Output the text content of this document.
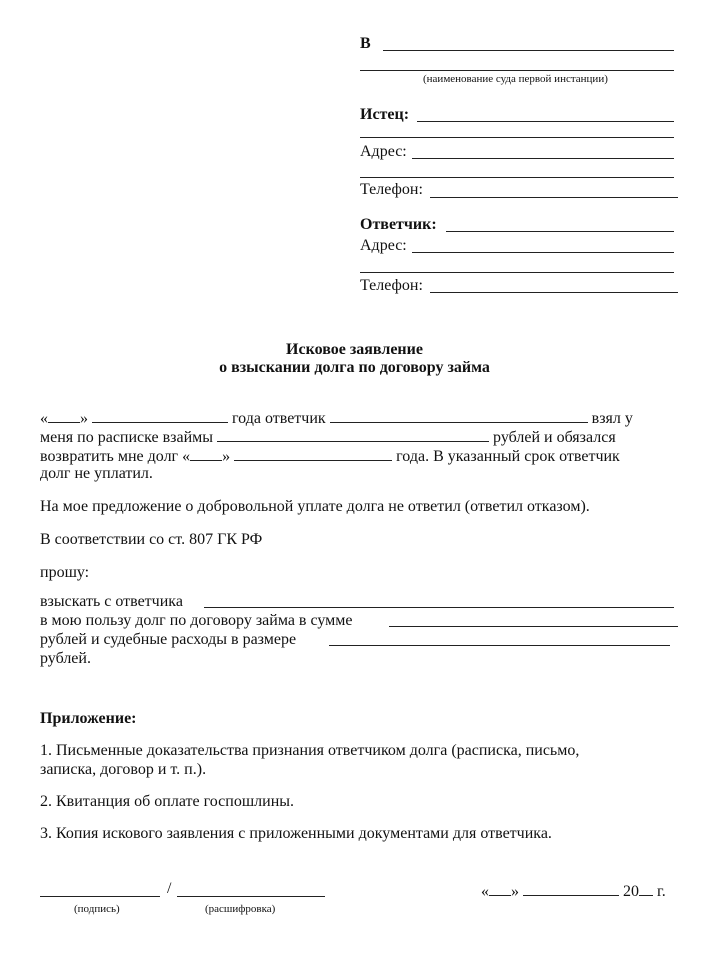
В
(наименование суда первой инстанции)
Истец:
Адрес:
Телефон:
Ответчик:
Адрес:
Телефон:
Исковое заявление
о взыскании долга по договору займа
« »	года ответчик	взял у
меня по расписке взаймы	рублей и обязался
возвратить мне долг « »	года. В указанный срок ответчик
долг не уплатил.
На мое предложение о добровольной уплате долга не ответил (ответил отказом).
В соответствии со ст. 807 ГК РФ
прошу:
взыскать с ответчика
в мою пользу долг по договору займа в сумме
рублей и судебные расходы в размере
рублей.
Приложение:
1. Письменные доказательства признания ответчиком долга (расписка, письмо,
записка, договор и т. п.).
2. Квитанция об оплате госпошлины.
3. Копия искового заявления с приложенными документами для ответчика.
/
(подпись)	(расшифровка)
« »	20 г.
